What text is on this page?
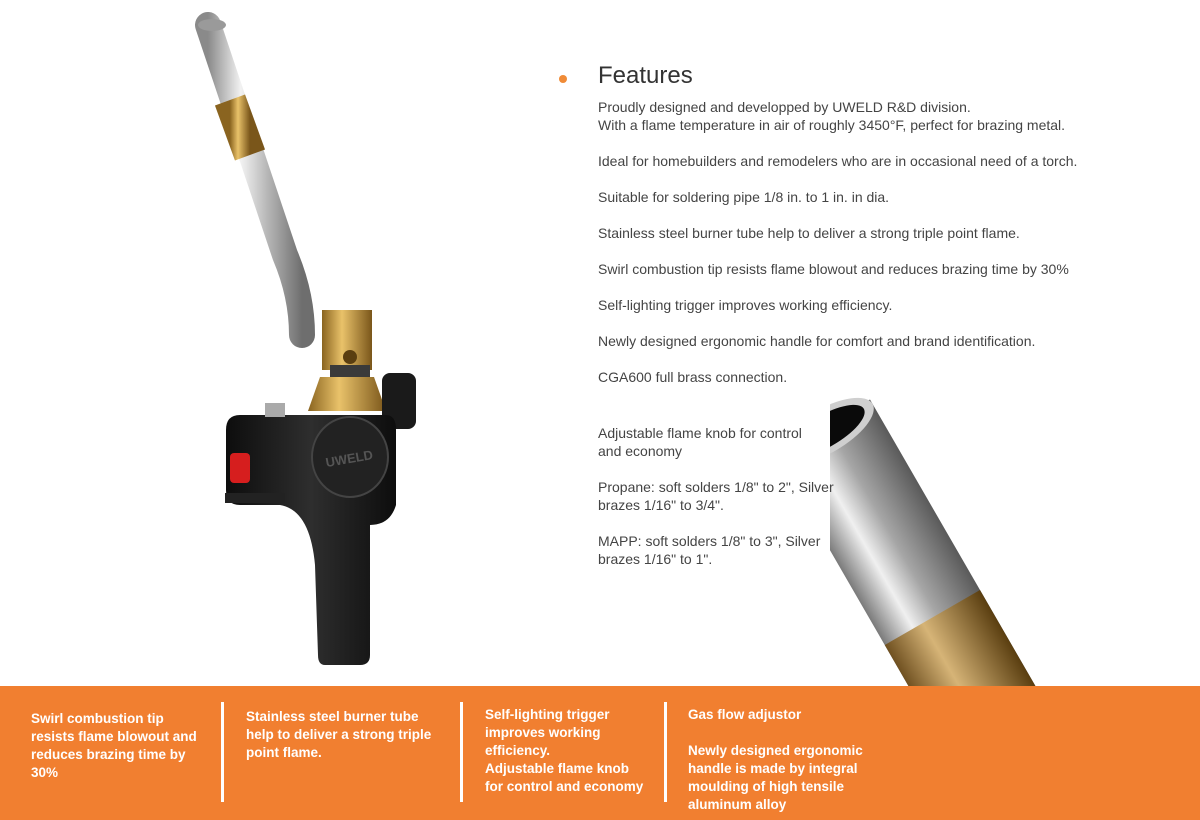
UWELD
Features

Proudly designed and developped by UWELD R&D division.
With a flame temperature in air of roughly 3450°F, perfect for brazing metal.

Ideal for homebuilders and remodelers who are in occasional need of a torch.

Suitable for soldering pipe 1/8 in. to 1 in. in dia.

Stainless steel burner tube help to deliver a strong triple point flame.

Swirl combustion tip resists flame blowout and reduces brazing time by 30%

Self-lighting trigger improves working efficiency.

Newly designed ergonomic handle for comfort and brand identification.

CGA600 full brass connection.

Adjustable flame knob for control
and economy

Propane: soft solders 1/8" to 2", Silver
brazes 1/16" to 3/4".

MAPP: soft solders 1/8" to 3", Silver
brazes 1/16" to 1".

Swirl combustion tip
resists flame blowout and
reduces brazing time by
30%
Stainless steel burner tube
help to deliver a strong triple
point flame.
Self-lighting trigger
improves working
efficiency.
Adjustable flame knob
for control and economy
Gas flow adjustor
Newly designed ergonomic
handle is made by integral
moulding of high tensile
aluminum alloy
